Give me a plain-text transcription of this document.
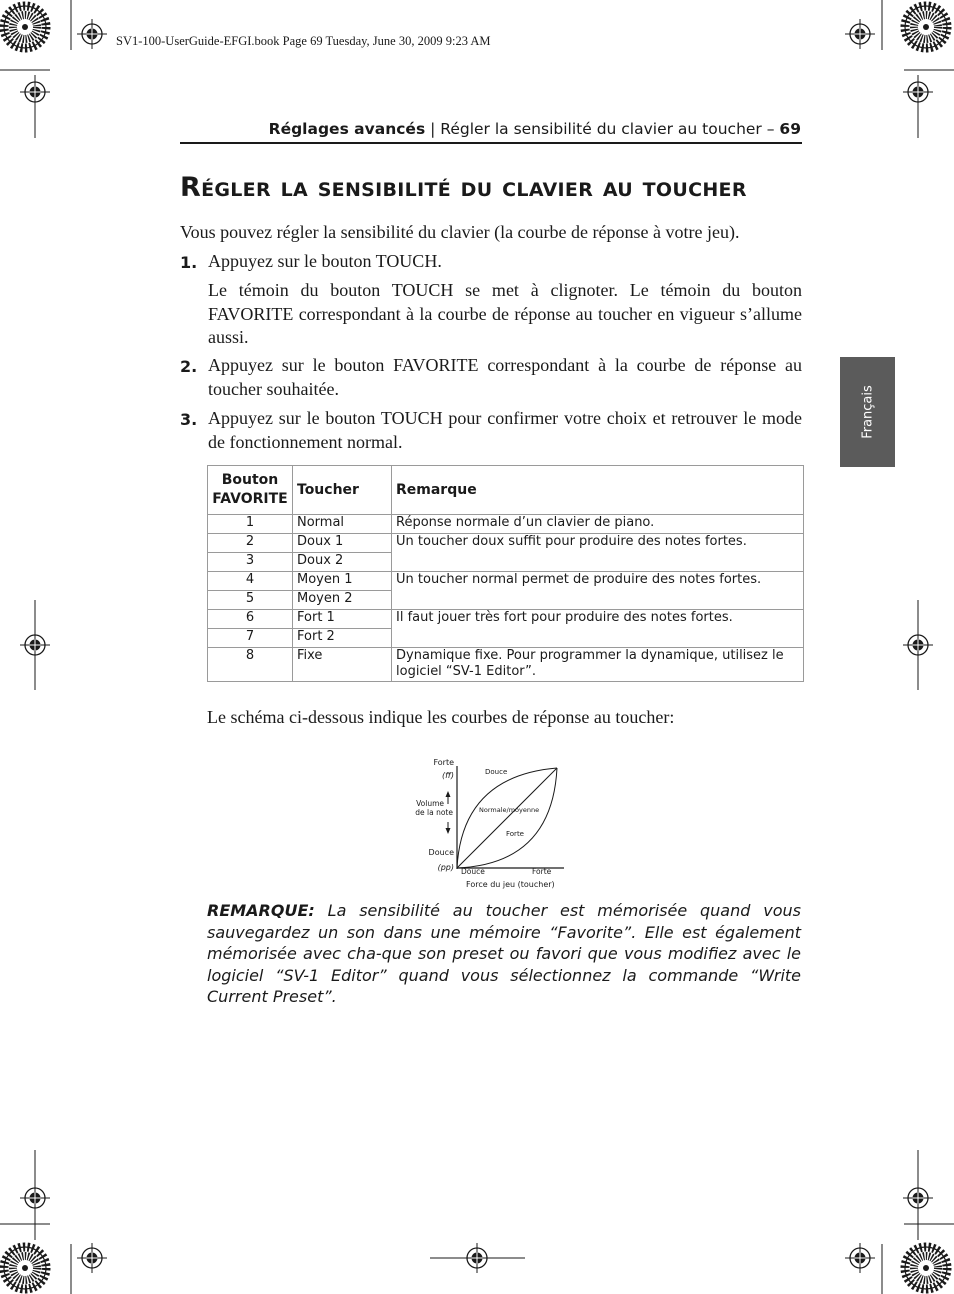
SV1-100-UserGuide-EFGI.book Page 69 Tuesday, June 30, 2009 9:23 AM
Réglages avancés | Régler la sensibilité du clavier au toucher – 69
Français
Régler la sensibilité du clavier au toucher
Vous pouvez régler la sensibilité du clavier (la courbe de réponse à votre jeu).
1. Appuyez sur le bouton TOUCH.
Le témoin du bouton TOUCH se met à clignoter. Le témoin du bouton FAVORITE correspondant à la courbe de réponse au toucher en vigueur s’allume aussi.
2. Appuyez sur le bouton FAVORITE correspondant à la courbe de réponse au toucher souhaitée.
3. Appuyez sur le bouton TOUCH pour confirmer votre choix et retrouver le mode de fonctionnement normal.
Bouton
FAVORITE	Toucher	Remarque
1	Normal	Réponse normale d’un clavier de piano.
2	Doux 1	Un toucher doux suffit pour produire des notes fortes.
3	Doux 2	
4	Moyen 1	Un toucher normal permet de produire des notes fortes.
5	Moyen 2	
6	Fort 1	Il faut jouer très fort pour produire des notes fortes.
7	Fort 2	
8	Fixe	Dynamique fixe. Pour programmer la dynamique, utilisez le logiciel “SV-1 Editor”.
Le schéma ci-dessous indique les courbes de réponse au toucher:
Forte
(ff)
Volume
de la note
Douce
(pp) Douce	Forte
Force du jeu (toucher)
Douce
Normale/moyenne
Forte
REMARQUE: La sensibilité au toucher est mémorisée quand vous sauvegardez un son dans une mémoire “Favorite”. Elle est également mémorisée avec cha-que son preset ou favori que vous modifiez avec le logiciel “SV-1 Editor” quand vous sélectionnez la commande “Write Current Preset”.
